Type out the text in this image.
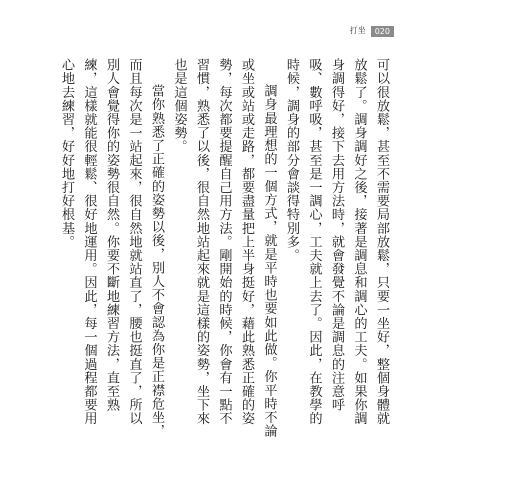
打坐	020

可以很放鬆，甚至不需要局部放鬆，只要一坐好，整個身體就放鬆了。調身調好之後，接著是調息和調心的工夫。如果你調身調得好，接下去用方法時，就會發覺不論是調息的注意呼吸、數呼吸，甚至是一調心，工夫就上去了。因此，在教學的時候，調身的部分會談得特別多。

調身最理想的一個方式，就是平時也要如此做。你平時不論或坐或站或走路，都要盡量把上半身挺好，藉此熟悉正確的姿勢，每次都要提醒自己用方法。剛開始的時候，你會有一點不習慣，熟悉了以後，很自然地站起來就是這樣的姿勢，坐下來也是這個姿勢。

當你熟悉了正確的姿勢以後，別人不會認為你是正襟危坐，而且每次是一站起來，很自然地就站直了，腰也挺直了，所以別人會覺得你的姿勢很自然。你要不斷地練習方法，直至熟練，這樣就能很輕鬆、很好地運用。因此，每一個過程都要用心地去練習，好好地打好根基。
